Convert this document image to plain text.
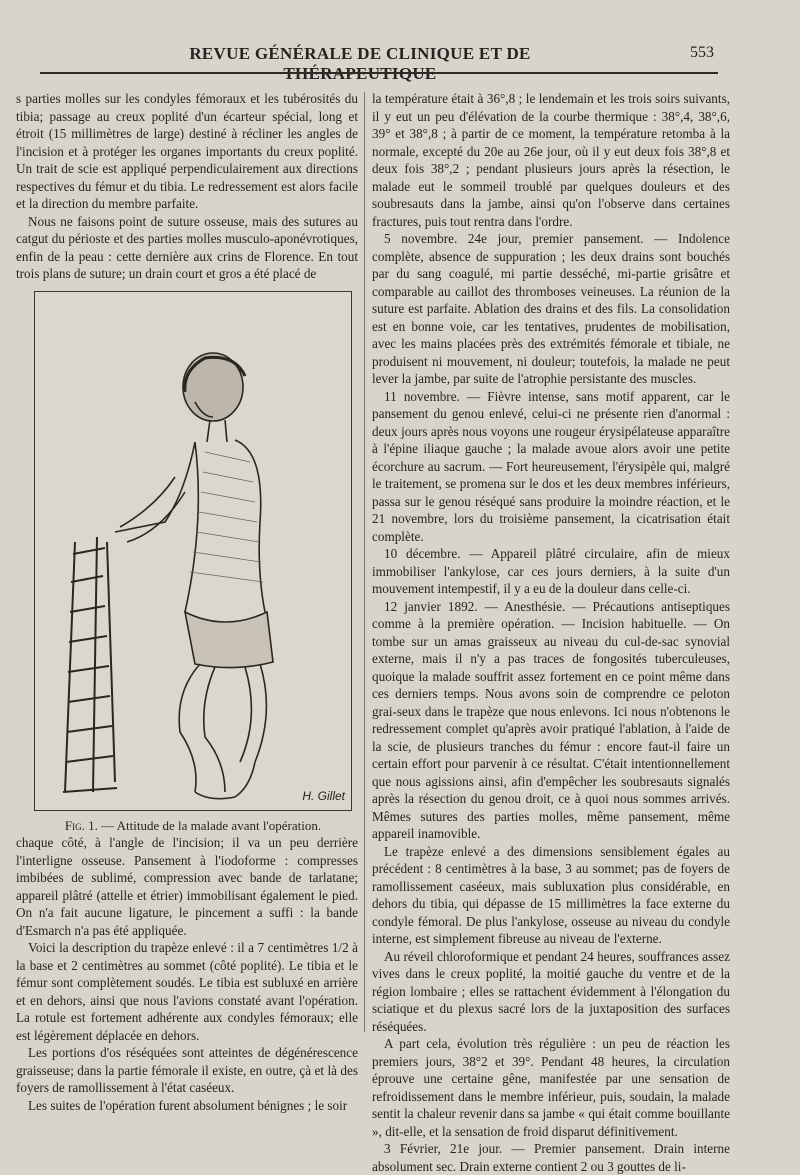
REVUE GÉNÉRALE DE CLINIQUE ET DE	553

s parties molles sur les condyles fémoraux et les tubérosités du tibia; passage au creux poplité d'un écarteur spécial, long et étroit (15 millimètres de large) destiné à récliner les angles de l'incision et à protéger les organes importants du creux poplité. Un trait de scie est appliqué perpendiculairement aux directions respectives du fémur et du tibia. Le redressement est alors facile et la direction du membre parfaite.

Nous ne faisons point de suture osseuse, mais des sutures au catgut du périoste et des parties molles musculo-aponévrotiques, enfin de la peau : cette dernière aux crins de Florence. En tout trois plans de suture; un drain court et gros a été placé de

H. Gillet

Fig. 1. — Attitude de la malade avant l'opération.

chaque côté, à l'angle de l'incision; il va un peu derrière l'interligne osseuse. Pansement à l'iodoforme : compresses imbibées de sublimé, compression avec bande de tarlatane; appareil plâtré (attelle et étrier) immobilisant également le pied. On n'a fait aucune ligature, le pincement a suffi : la bande d'Esmarch n'a pas été appliquée.

Voici la description du trapèze enlevé : il a 7 centimètres 1/2 à la base et 2 centimètres au sommet (côté poplité). Le tibia et le fémur sont complètement soudés. Le tibia est subluxé en arrière et en dehors, ainsi que nous l'avions constaté avant l'opération. La rotule est fortement adhérente aux condyles fémoraux; elle est légèrement déplacée en dehors.

Les portions d'os réséquées sont atteintes de dégénérescence graisseuse; dans la partie fémorale il existe, en outre, çà et là des foyers de ramollissement à l'état caséeux.

Les suites de l'opération furent absolument bénignes ; le soir

la température était à 36°,8 ; le lendemain et les trois soirs suivants, il y eut un peu d'élévation de la courbe thermique : 38°,4, 38°,6, 39° et 38°,8 ; à partir de ce moment, la température retomba à la normale, excepté du 20e au 26e jour, où il y eut deux fois 38°,8 et deux fois 38°,2 ; pendant plusieurs jours après la résection, le malade eut le sommeil troublé par quelques douleurs et des soubresauts dans la jambe, ainsi qu'on l'observe dans certaines fractures, puis tout rentra dans l'ordre.

5 novembre. 24e jour, premier pansement. — Indolence complète, absence de suppuration ; les deux drains sont bouchés par du sang coagulé, mi partie desséché, mi-partie grisâtre et comparable au caillot des thromboses veineuses. La réunion de la suture est parfaite. Ablation des drains et des fils. La consolidation est en bonne voie, car les tentatives, prudentes de mobilisation, avec les mains placées près des extrémités fémorale et tibiale, ne produisent ni mouvement, ni douleur; toutefois, la malade ne peut lever la jambe, par suite de l'atrophie persistante des muscles.

11 novembre. — Fièvre intense, sans motif apparent, car le pansement du genou enlevé, celui-ci ne présente rien d'anormal : deux jours après nous voyons une rougeur érysipélateuse apparaître à l'épine iliaque gauche ; la malade avoue alors avoir une petite écorchure au sacrum. — Fort heureusement, l'érysipèle qui, malgré le traitement, se promena sur le dos et les deux membres inférieurs, passa sur le genou réséqué sans produire la moindre réaction, et le 21 novembre, lors du troisième pansement, la cicatrisation était complète.

10 décembre. — Appareil plâtré circulaire, afin de mieux immobiliser l'ankylose, car ces jours derniers, à la suite d'un mouvement intempestif, il y a eu de la douleur dans celle-ci.

12 janvier 1892. — Anesthésie. — Précautions antiseptiques comme à la première opération. — Incision habituelle. — On tombe sur un amas graisseux au niveau du cul-de-sac synovial externe, mais il n'y a pas traces de fongosités tuberculeuses, quoique la malade souffrit assez fortement en ce point même dans ces derniers temps. Nous avons soin de comprendre ce peloton grai-seux dans le trapèze que nous enlevons. Ici nous n'obtenons le redressement complet qu'après avoir pratiqué l'ablation, à l'aide de la scie, de plusieurs tranches du fémur : encore faut-il faire un certain effort pour parvenir à ce résultat. C'était intentionnellement que nous agissions ainsi, afin d'empêcher les soubresauts signalés après la résection du genou droit, ce à quoi nous sommes arrivés. Mêmes sutures des parties molles, même pansement, même appareil inamovible.

Le trapèze enlevé a des dimensions sensiblement égales au précédent : 8 centimètres à la base, 3 au sommet; pas de foyers de ramollissement caséeux, mais subluxation plus considérable, en dehors du tibia, qui dépasse de 15 millimètres la face externe du condyle fémoral. De plus l'ankylose, osseuse au niveau du condyle interne, est simplement fibreuse au niveau de l'externe.

Au réveil chloroformique et pendant 24 heures, souffrances assez vives dans le creux poplité, la moitié gauche du ventre et de la région lombaire ; elles se rattachent évidemment à l'élongation du sciatique et du plexus sacré lors de la juxtaposition des surfaces réséquées.

A part cela, évolution très régulière : un peu de réaction les premiers jours, 38°2 et 39°. Pendant 48 heures, la circulation éprouve une certaine gêne, manifestée par une sensation de refroidissement dans le membre inférieur, puis, soudain, la malade sentit la chaleur revenir dans sa jambe « qui était comme bouillante », dit-elle, et la sensation de froid disparut définitivement.

3 Février, 21e jour. — Premier pansement. Drain interne absolument sec. Drain externe contient 2 ou 3 gouttes de li-
